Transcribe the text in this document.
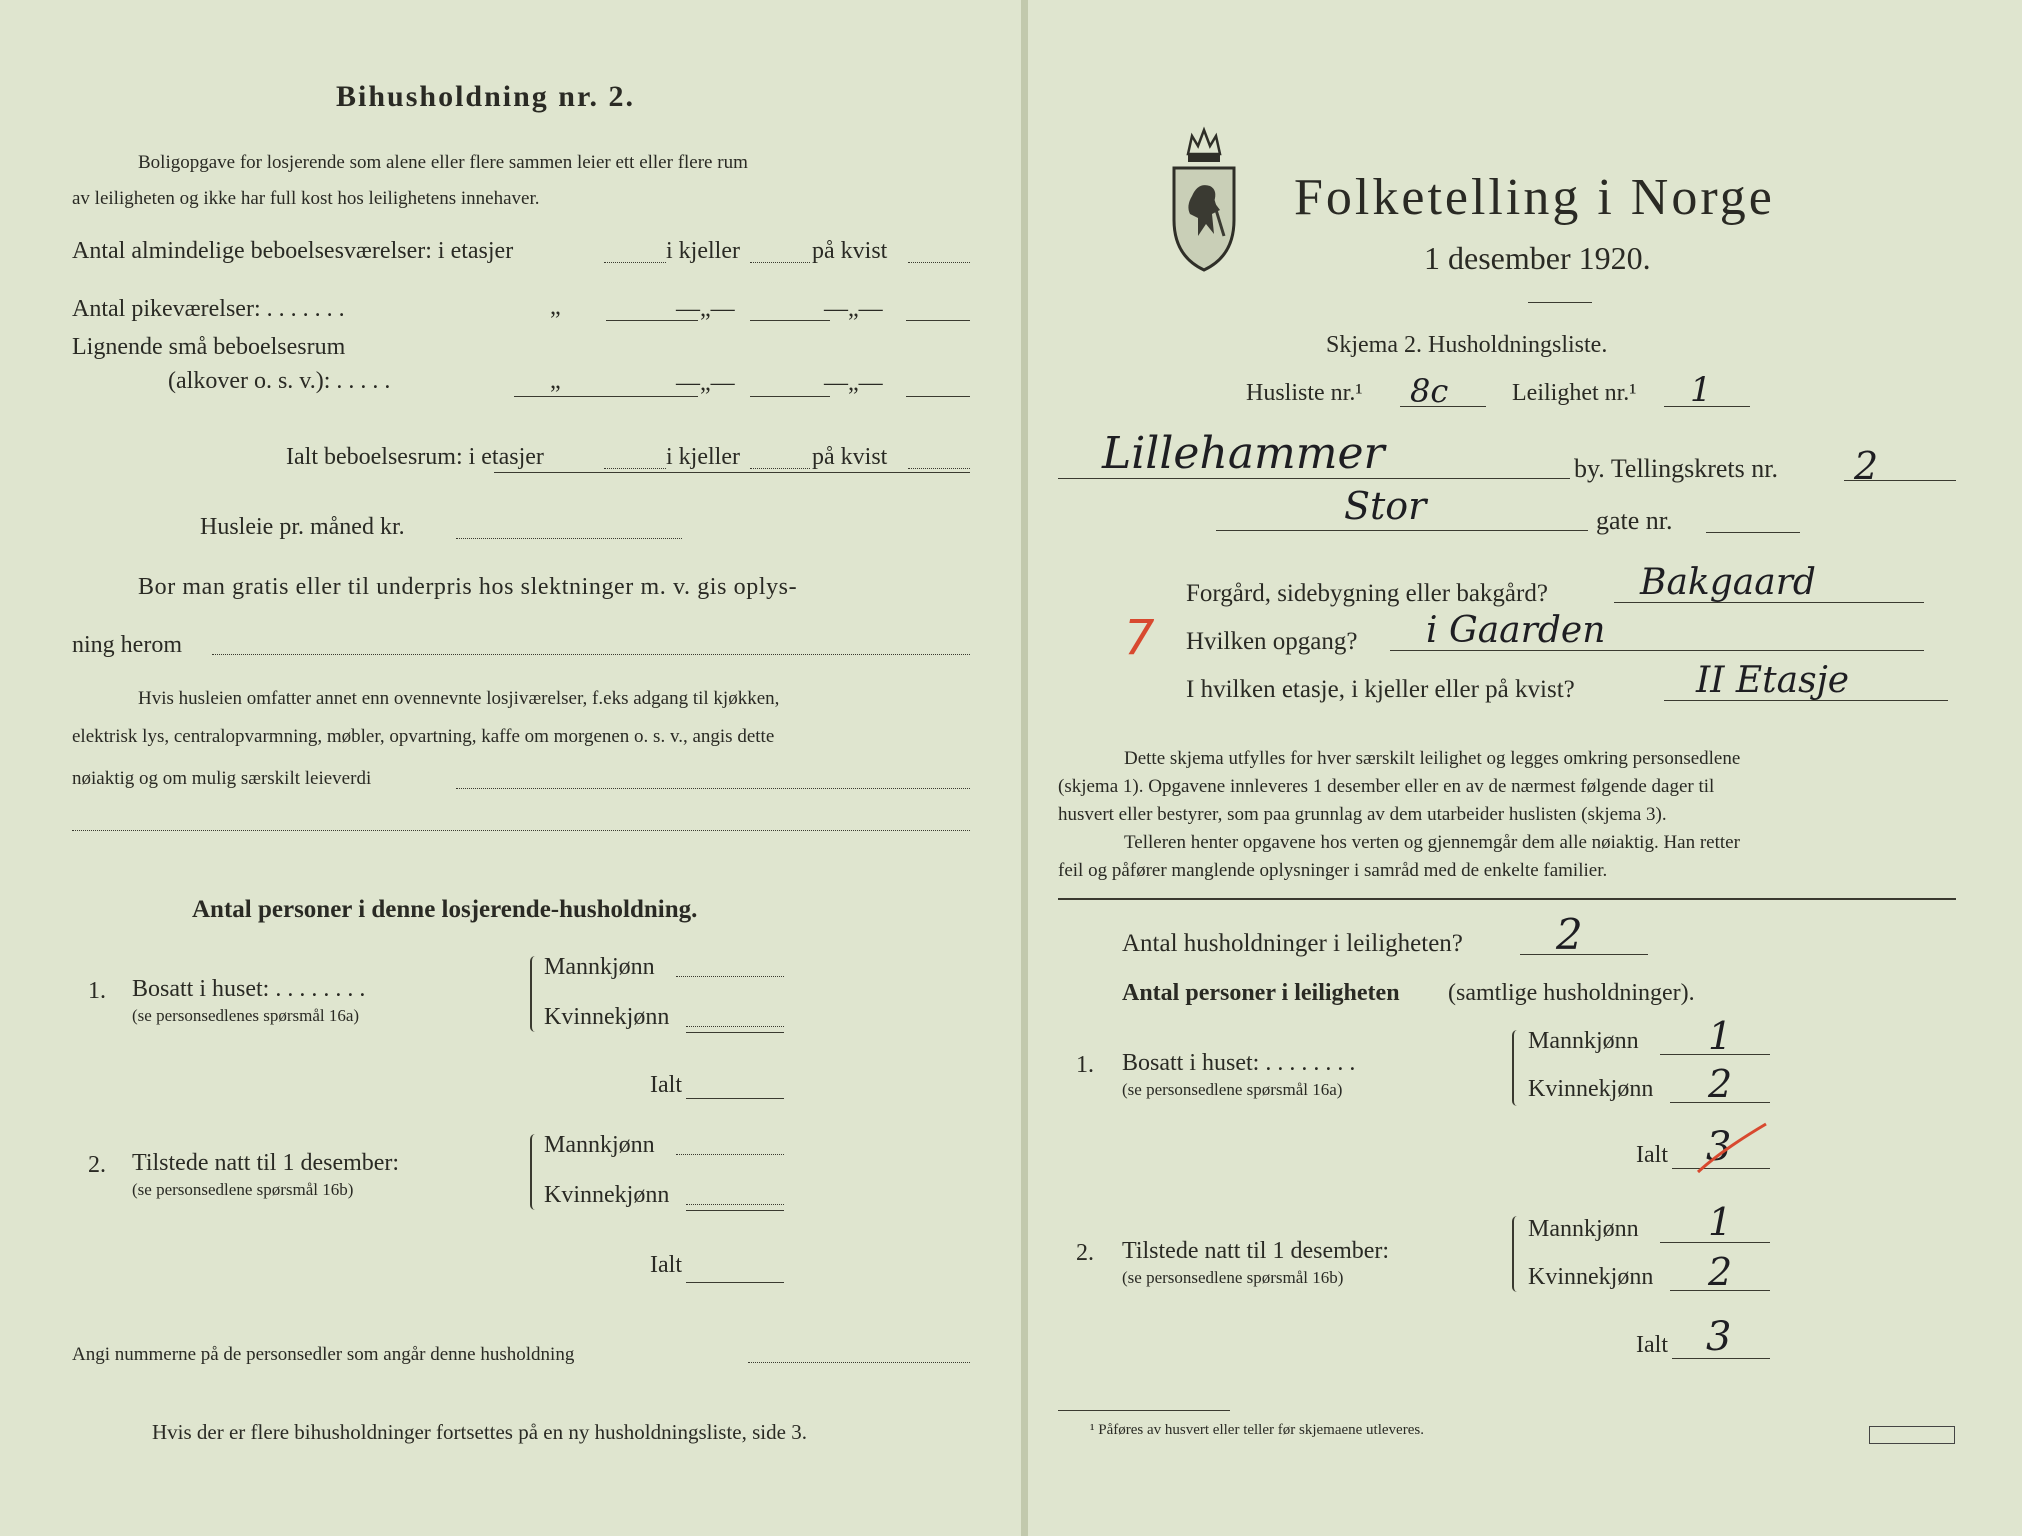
Bihusholdning nr. 2.
Boligopgave for losjerende som alene eller flere sammen leier ett eller flere rum
av leiligheten og ikke har full kost hos leilighetens innehaver.
Antal almindelige beboelsesværelser: i etasjer	i kjeller	på kvist
Antal pikeværelser: . . . . . . .	„	—„—	—„—
Lignende små beboelsesrum
(alkover o. s. v.): . . . . .	„	—„—	—„—
Ialt beboelsesrum: i etasjer	i kjeller	på kvist
Husleie pr. måned kr.
Bor man gratis eller til underpris hos slektninger m. v. gis oplys-
ning herom
Hvis husleien omfatter annet enn ovennevnte losjiværelser, f.eks adgang til kjøkken,
elektrisk lys, centralopvarmning, møbler, opvartning, kaffe om morgenen o. s. v., angis dette
nøiaktig og om mulig særskilt leieverdi
Antal personer i denne losjerende-husholdning.
1. Bosatt i huset: . . . . . . . .
(se personsedlenes spørsmål 16a)
Mannkjønn
Kvinnekjønn
Ialt
2. Tilstede natt til 1 desember:
(se personsedlene spørsmål 16b)
Mannkjønn
Kvinnekjønn
Ialt
Angi nummerne på de personsedler som angår denne husholdning
Hvis der er flere bihusholdninger fortsettes på en ny husholdningsliste, side 3.
Folketelling i Norge
1 desember 1920.
Skjema 2. Husholdningsliste.
Husliste nr.¹ 8c	Leilighet nr.¹ 1
Lillehammer	by. Tellingskrets nr. 2
Stor	gate nr.
Forgård, sidebygning eller bakgård?	Bakgaard
7 Hvilken opgang? i Gaarden
I hvilken etasje, i kjeller eller på kvist?	II Etasje
Dette skjema utfylles for hver særskilt leilighet og legges omkring personsedlene
(skjema 1). Opgavene innleveres 1 desember eller en av de nærmest følgende dager til
husvert eller bestyrer, som paa grunnlag av dem utarbeider huslisten (skjema 3).
Telleren henter opgavene hos verten og gjennemgår dem alle nøiaktig. Han retter
feil og påfører manglende oplysninger i samråd med de enkelte familier.
Antal husholdninger i leiligheten? 2
Antal personer i leiligheten (samtlige husholdninger).
1. Bosatt i huset: . . . . . . . .
(se personsedlene spørsmål 16a)
Mannkjønn 1
Kvinnekjønn 2
Ialt 3
2. Tilstede natt til 1 desember:
(se personsedlene spørsmål 16b)
Mannkjønn 1
Kvinnekjønn 2
Ialt 3
¹ Påføres av husvert eller teller før skjemaene utleveres.
